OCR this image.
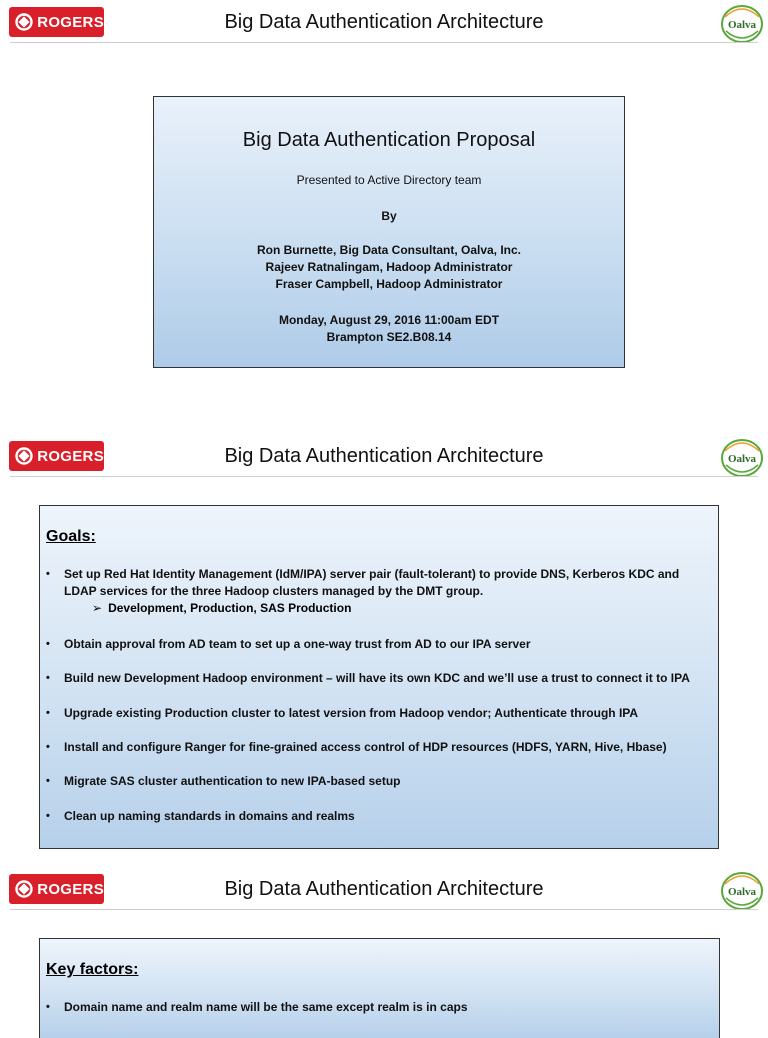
ROGERS	Big Data Authentication Architecture	Oalva
Big Data Authentication Proposal
Presented to Active Directory team
By
Ron Burnette, Big Data Consultant, Oalva, Inc.
Rajeev Ratnalingam, Hadoop Administrator
Fraser Campbell, Hadoop Administrator
Monday, August 29, 2016 11:00am EDT
Brampton SE2.B08.14
ROGERS	Big Data Authentication Architecture	Oalva
Goals:
• Set up Red Hat Identity Management (IdM/IPA) server pair (fault-tolerant) to provide DNS, Kerberos KDC and LDAP services for the three Hadoop clusters managed by the DMT group.
➢ Development, Production, SAS Production
• Obtain approval from AD team to set up a one-way trust from AD to our IPA server
• Build new Development Hadoop environment – will have its own KDC and we’ll use a trust to connect it to IPA
• Upgrade existing Production cluster to latest version from Hadoop vendor; Authenticate through IPA
• Install and configure Ranger for fine-grained access control of HDP resources (HDFS, YARN, Hive, Hbase)
• Migrate SAS cluster authentication to new IPA-based setup
• Clean up naming standards in domains and realms
ROGERS	Big Data Authentication Architecture	Oalva
Key factors:
• Domain name and realm name will be the same except realm is in caps
